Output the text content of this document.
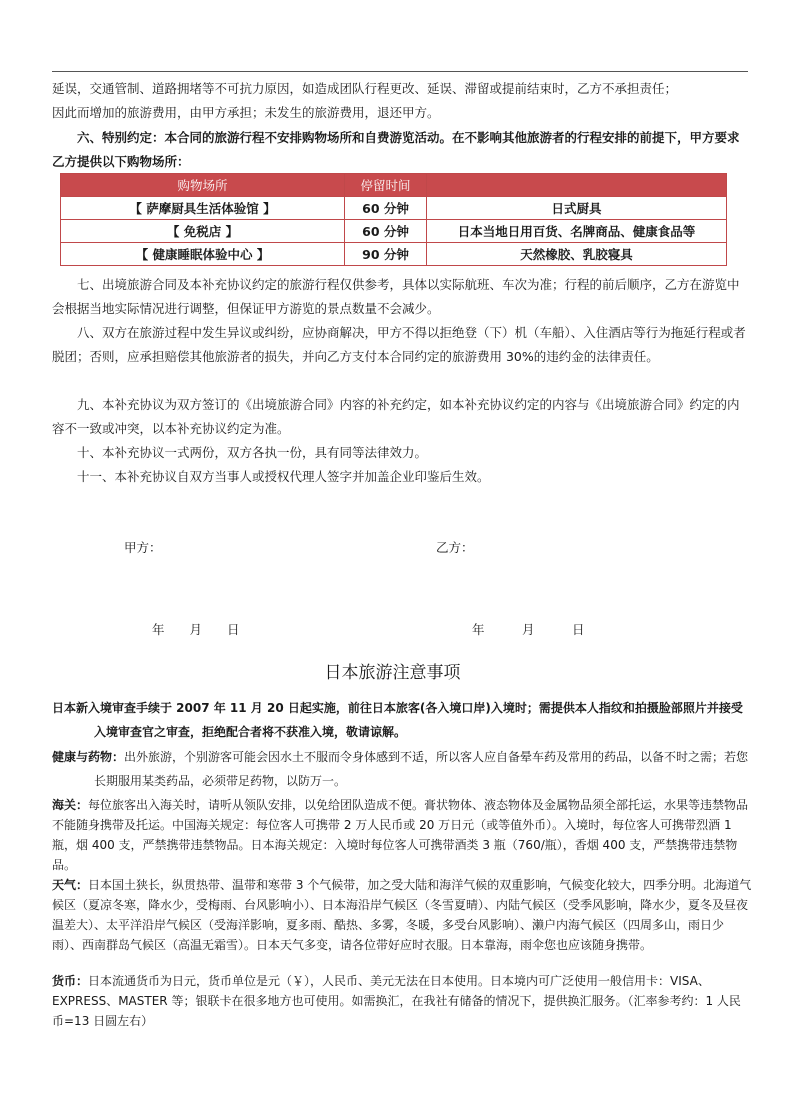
延误，交通管制、道路拥堵等不可抗力原因，如造成团队行程更改、延误、滞留或提前结束时，乙方不承担责任；
因此而增加的旅游费用，由甲方承担；未发生的旅游费用，退还甲方。

六、特别约定：本合同的旅游行程不安排购物场所和自费游览活动。在不影响其他旅游者的行程安排的前提下，甲方要求乙方提供以下购物场所：

购物场所	停留时间	
【 萨摩厨具生活体验馆 】	60 分钟	日式厨具
【 免税店 】	60 分钟	日本当地日用百货、名牌商品、健康食品等
【 健康睡眠体验中心 】	90 分钟	天然橡胶、乳胶寝具

七、出境旅游合同及本补充协议约定的旅游行程仅供参考，具体以实际航班、车次为准；行程的前后顺序，乙方在游览中会根据当地实际情况进行调整，但保证甲方游览的景点数量不会减少。

八、双方在旅游过程中发生异议或纠纷，应协商解决，甲方不得以拒绝登（下）机（车船）、入住酒店等行为拖延行程或者脱团；否则，应承担赔偿其他旅游者的损失，并向乙方支付本合同约定的旅游费用 30%的违约金的法律责任。

九、本补充协议为双方签订的《出境旅游合同》内容的补充约定，如本补充协议约定的内容与《出境旅游合同》约定的内容不一致或冲突，以本补充协议约定为准。

十、本补充协议一式两份，双方各执一份，具有同等法律效力。

十一、本补充协议自双方当事人或授权代理人签字并加盖企业印鉴后生效。

甲方：	乙方：
年　　月　　日	年　　　月　　　日
日本旅游注意事项
日本新入境审查手续于 2007 年 11 月 20 日起实施，前往日本旅客(各入境口岸)入境时；需提供本人指纹和拍摄脸部照片并接受入境审查官之审查，拒绝配合者将不获准入境，敬请谅解。
健康与药物：出外旅游，个别游客可能会因水土不服而令身体感到不适，所以客人应自备晕车药及常用的药品，以备不时之需；若您长期服用某类药品，必须带足药物，以防万一。
海关：每位旅客出入海关时，请听从领队安排，以免给团队造成不便。膏状物体、液态物体及金属物品须全部托运，水果等违禁物品不能随身携带及托运。中国海关规定：每位客人可携带 2 万人民币或 20 万日元（或等值外币）。入境时，每位客人可携带烈酒 1 瓶，烟 400 支，严禁携带违禁物品。日本海关规定：入境时每位客人可携带酒类 3 瓶（760/瓶），香烟 400 支，严禁携带违禁物品。
天气：日本国土狭长，纵贯热带、温带和寒带 3 个气候带，加之受大陆和海洋气候的双重影响，气候变化较大，四季分明。北海道气候区（夏凉冬寒，降水少，受梅雨、台风影响小）、日本海沿岸气候区（冬雪夏晴）、内陆气候区（受季风影响，降水少，夏冬及昼夜温差大）、太平洋沿岸气候区（受海洋影响，夏多雨、酷热、多雾，冬暖，多受台风影响）、濑户内海气候区（四周多山，雨日少雨）、西南群岛气候区（高温无霜雪）。日本天气多变，请各位带好应时衣服。日本靠海，雨伞您也应该随身携带。
货币：日本流通货币为日元，货币单位是元（￥），人民币、美元无法在日本使用。日本境内可广泛使用一般信用卡：VISA、EXPRESS、MASTER 等；银联卡在很多地方也可使用。如需换汇，在我社有储备的情况下，提供换汇服务。（汇率参考约：1 人民币=13 日圆左右）
